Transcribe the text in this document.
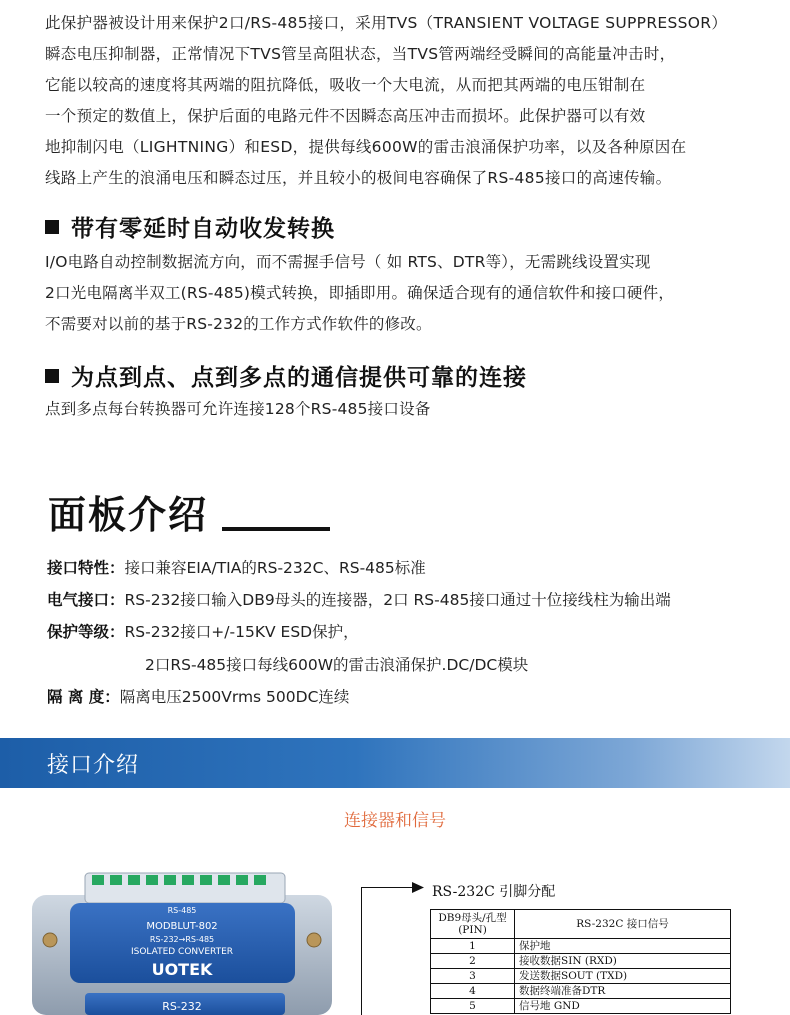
此保护器被设计用来保护2口/RS-485接口，采用TVS（TRANSIENT VOLTAGE SUPPRESSOR）

瞬态电压抑制器，正常情况下TVS管呈高阻状态，当TVS管两端经受瞬间的高能量冲击时，

它能以较高的速度将其两端的阻抗降低，吸收一个大电流，从而把其两端的电压钳制在

一个预定的数值上，保护后面的电路元件不因瞬态高压冲击而损坏。此保护器可以有效

地抑制闪电（LIGHTNING）和ESD，提供每线600W的雷击浪涌保护功率，以及各种原因在

线路上产生的浪涌电压和瞬态过压，并且较小的极间电容确保了RS-485接口的高速传输。

带有零延时自动收发转换

I/O电路自动控制数据流方向，而不需握手信号（ 如 RTS、DTR等），无需跳线设置实现

2口光电隔离半双工(RS-485)模式转换，即插即用。确保适合现有的通信软件和接口硬件，

不需要对以前的基于RS-232的工作方式作软件的修改。

为点到点、点到多点的通信提供可靠的连接

点到多点每台转换器可允许连接128个RS-485接口设备

面板介绍
接口特性：接口兼容EIA/TIA的RS-232C、RS-485标准
电气接口：RS-232接口输入DB9母头的连接器，2口 RS-485接口通过十位接线柱为输出端
保护等级：RS-232接口+/-15KV ESD保护，
2口RS-485接口每线600W的雷击浪涌保护.DC/DC模块
隔 离 度：隔离电压2500Vrms 500DC连续
接口介绍
连接器和信号
RS-485
MODBLUT-802
RS-232→RS-485
ISOLATED CONVERTER
UOTEK
RS-232
RS-232C 引脚分配
DB9母头/孔型 (PIN)	RS-232C 接口信号
1	保护地
2	接收数据SIN (RXD)
3	发送数据SOUT (TXD)
4	数据终端准备DTR
5	信号地 GND
